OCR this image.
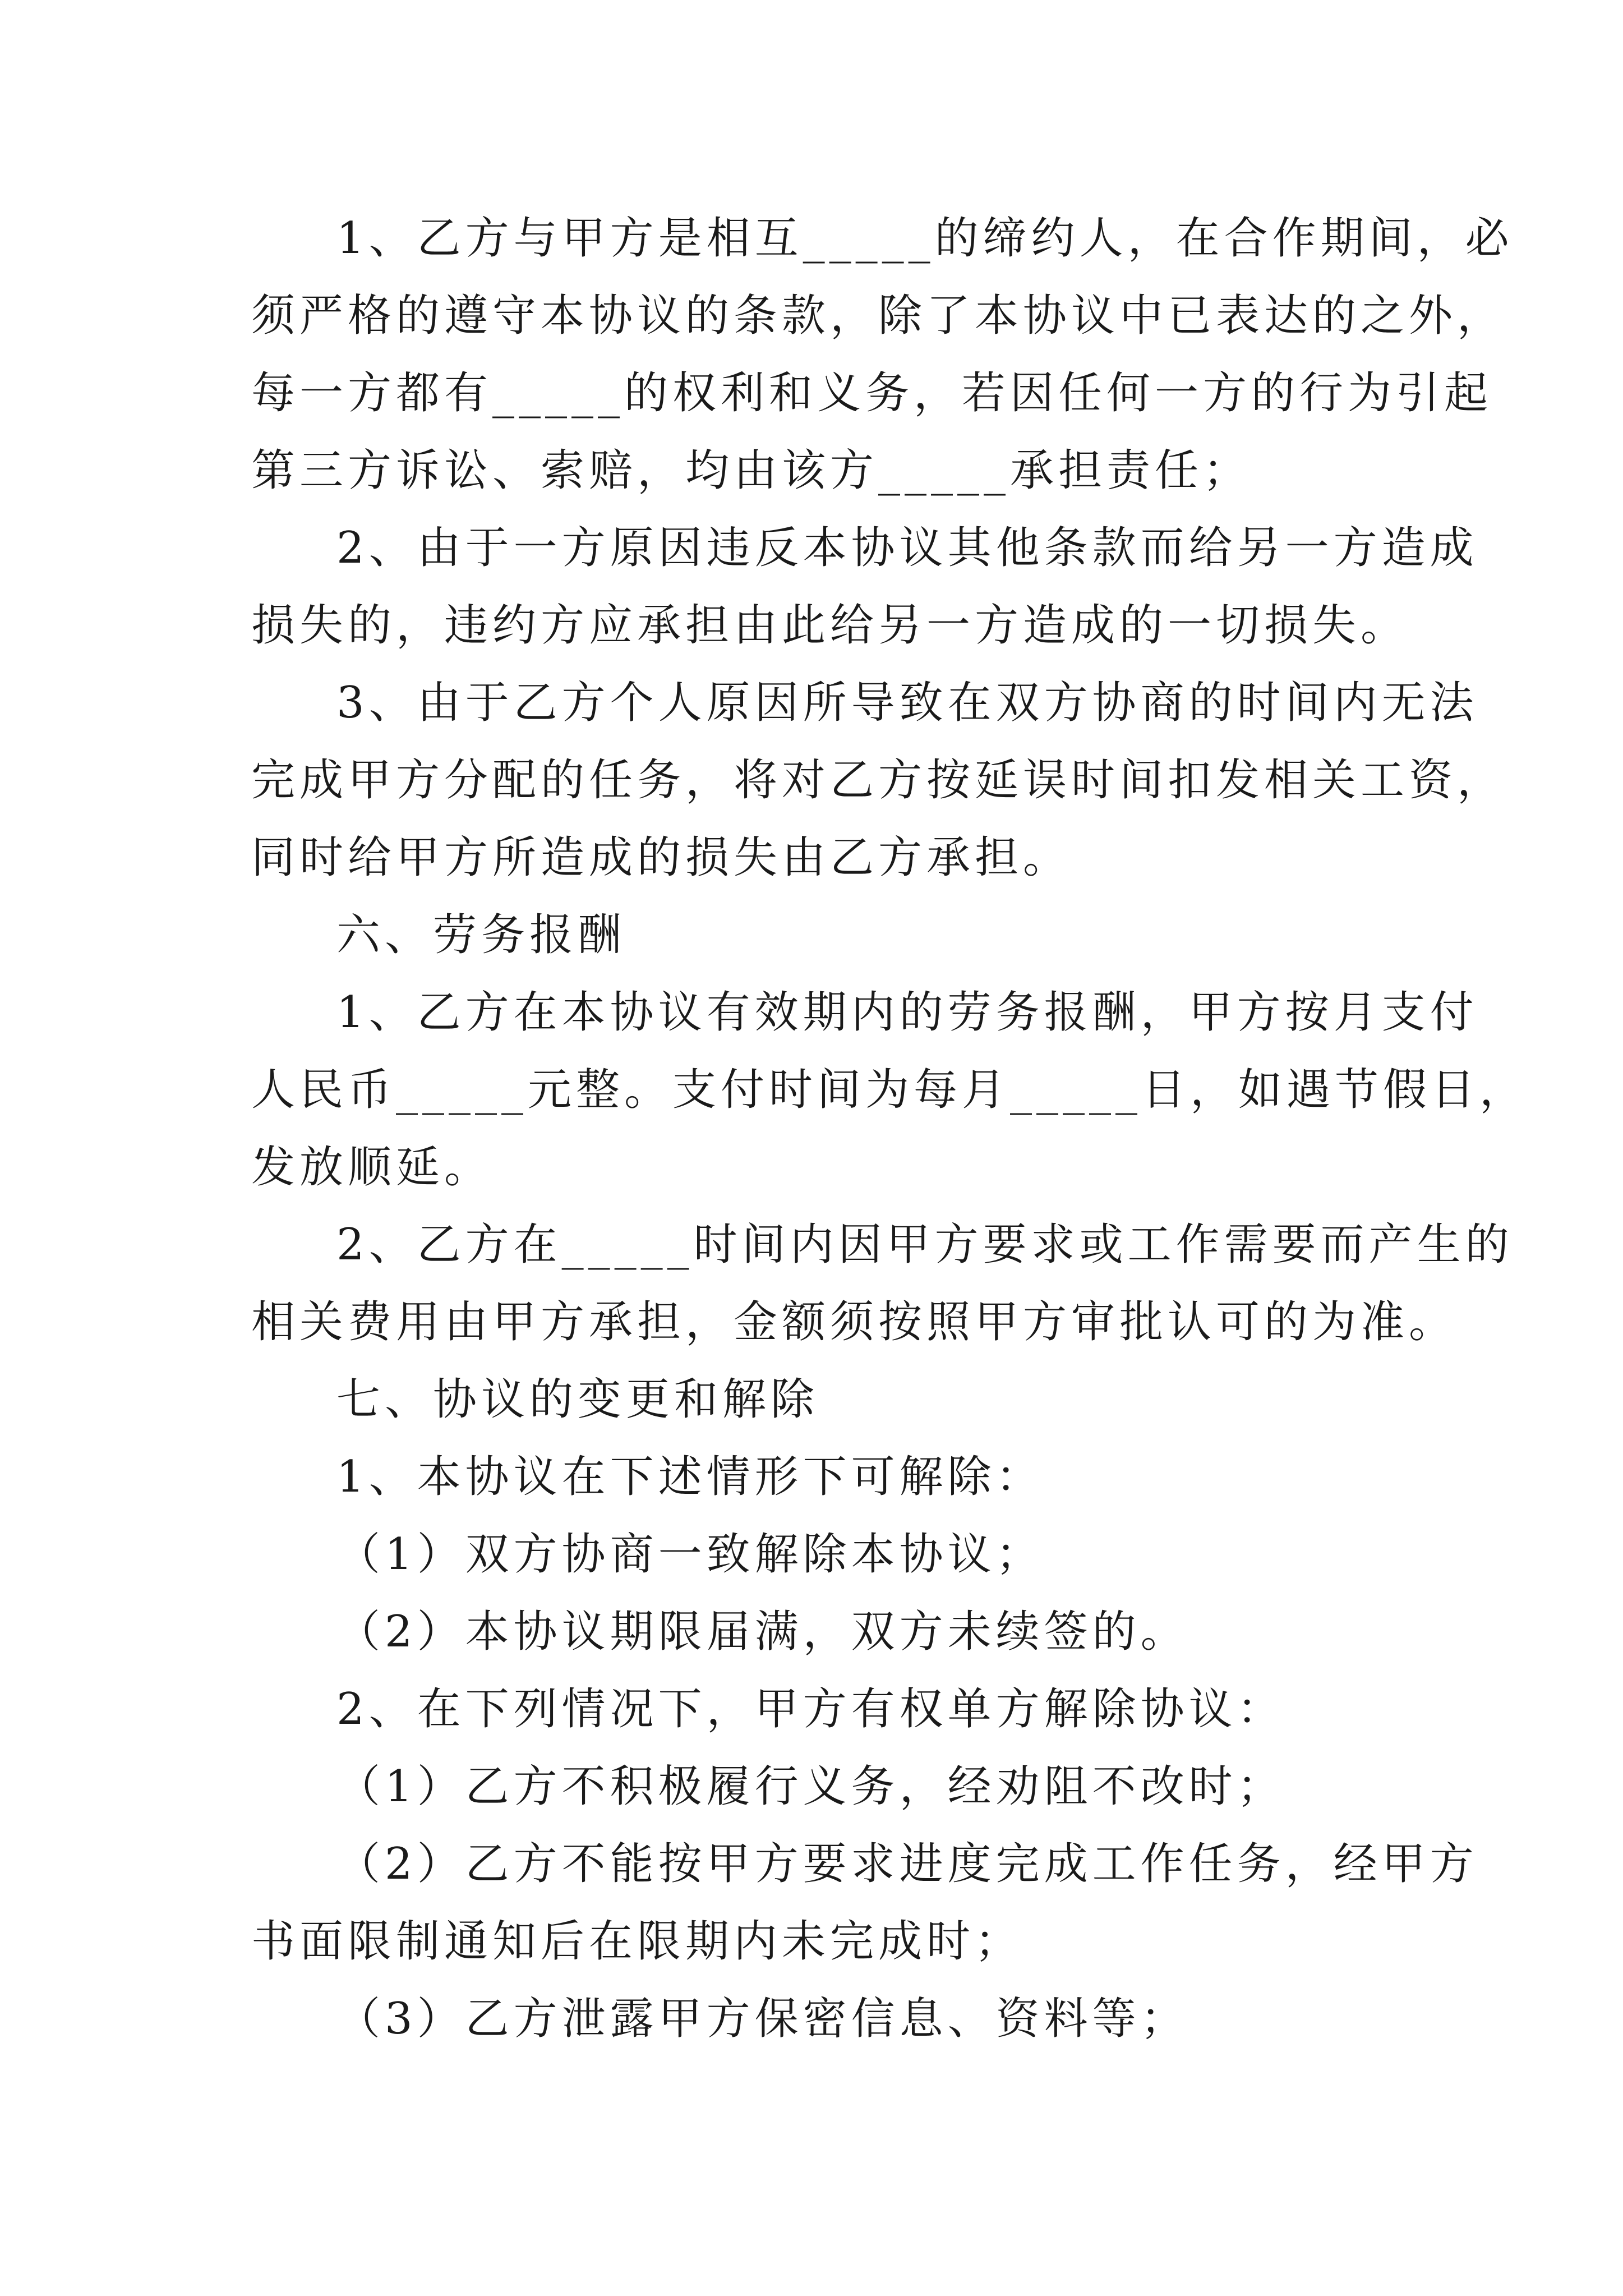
1、乙方与甲方是相互_____的缔约人，在合作期间，必
须严格的遵守本协议的条款，除了本协议中已表达的之外，
每一方都有_____的权利和义务，若因任何一方的行为引起
第三方诉讼、索赔，均由该方_____承担责任；
2、由于一方原因违反本协议其他条款而给另一方造成
损失的，违约方应承担由此给另一方造成的一切损失。
3、由于乙方个人原因所导致在双方协商的时间内无法
完成甲方分配的任务，将对乙方按延误时间扣发相关工资，
同时给甲方所造成的损失由乙方承担。
六、劳务报酬
1、乙方在本协议有效期内的劳务报酬，甲方按月支付
人民币_____元整。支付时间为每月_____日，如遇节假日，
发放顺延。
2、乙方在_____时间内因甲方要求或工作需要而产生的
相关费用由甲方承担，金额须按照甲方审批认可的为准。
七、协议的变更和解除
1、本协议在下述情形下可解除：
（1）双方协商一致解除本协议；
（2）本协议期限届满，双方未续签的。
2、在下列情况下，甲方有权单方解除协议：
（1）乙方不积极履行义务，经劝阻不改时；
（2）乙方不能按甲方要求进度完成工作任务，经甲方
书面限制通知后在限期内未完成时；
（3）乙方泄露甲方保密信息、资料等；
